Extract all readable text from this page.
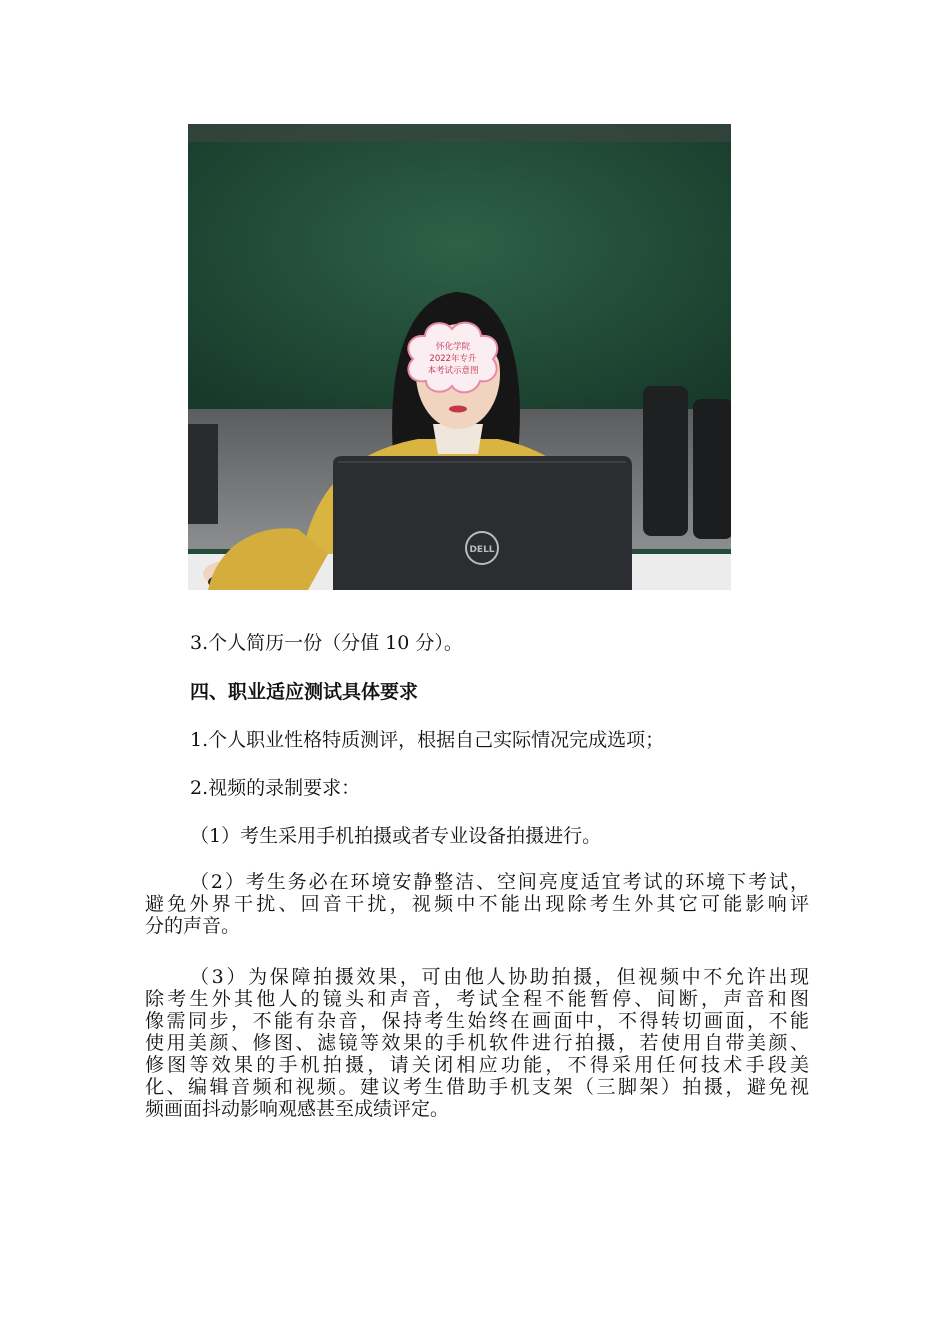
怀化学院
2022年专升
本考试示意图
DELL

3.个人简历一份（分值 10 分）。

四、职业适应测试具体要求

1.个人职业性格特质测评，根据自己实际情况完成选项；

2.视频的录制要求：

（1）考生采用手机拍摄或者专业设备拍摄进行。

（2）考生务必在环境安静整洁、空间亮度适宜考试的环境下考试，
避免外界干扰、回音干扰，视频中不能出现除考生外其它可能影响评
分的声音。
（3）为保障拍摄效果，可由他人协助拍摄，但视频中不允许出现
除考生外其他人的镜头和声音，考试全程不能暂停、间断，声音和图
像需同步，不能有杂音，保持考生始终在画面中，不得转切画面，不能
使用美颜、修图、滤镜等效果的手机软件进行拍摄，若使用自带美颜、
修图等效果的手机拍摄，请关闭相应功能，不得采用任何技术手段美
化、编辑音频和视频。建议考生借助手机支架（三脚架）拍摄，避免视
频画面抖动影响观感甚至成绩评定。
